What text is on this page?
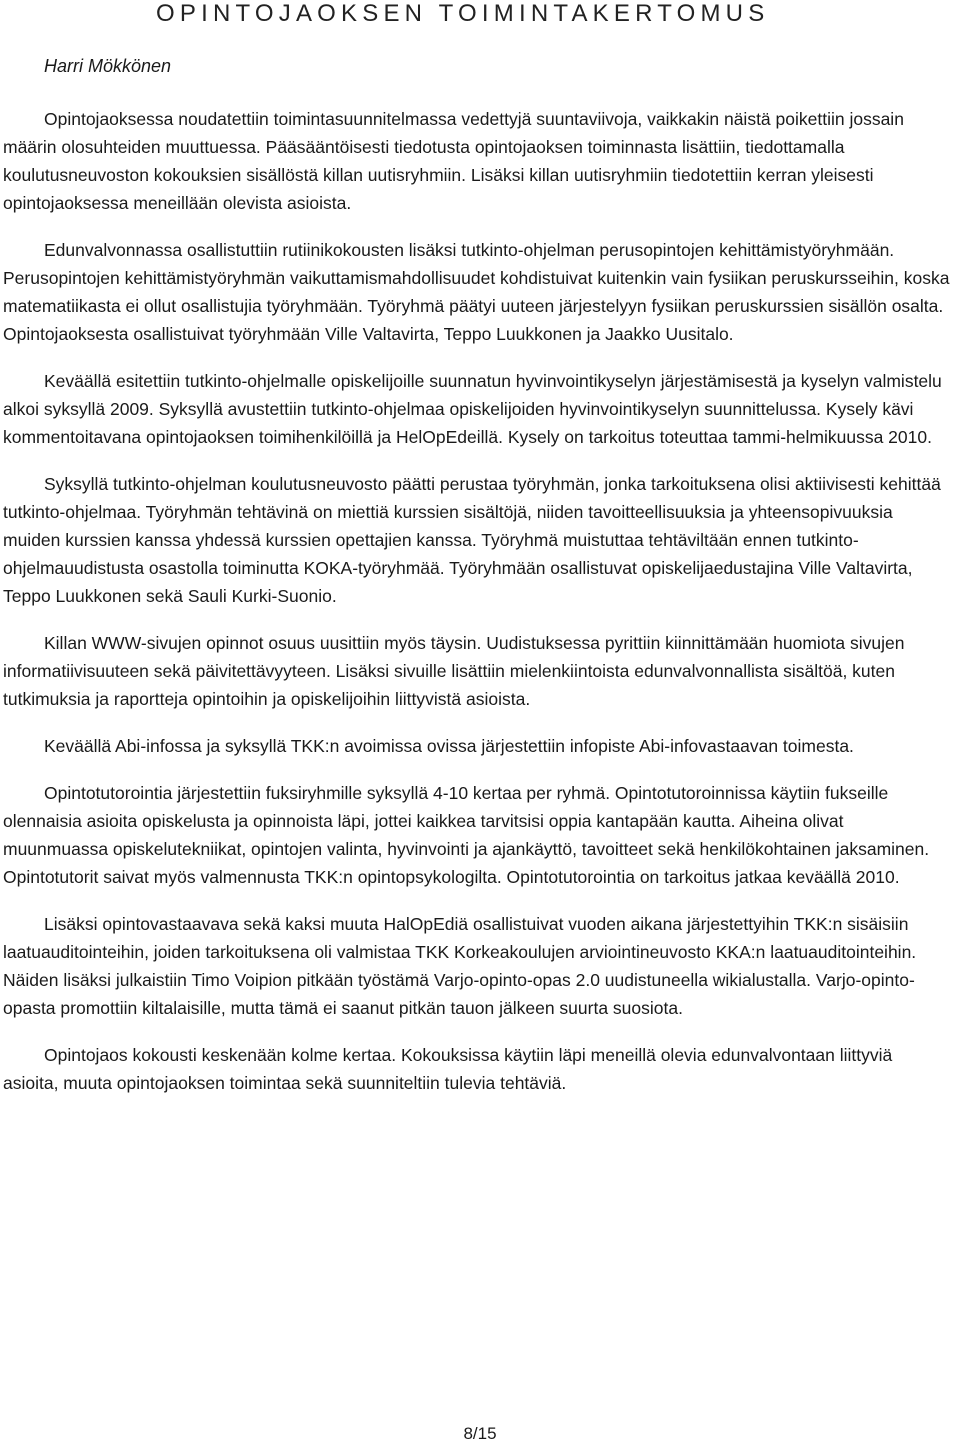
OPINTOJAOKSEN TOIMINTAKERTOMUS
Harri Mökkönen

Opintojaoksessa noudatettiin toimintasuunnitelmassa vedettyjä suuntaviivoja, vaikkakin näistä poikettiin jossain määrin olosuhteiden muuttuessa. Pääsääntöisesti tiedotusta opintojaoksen toiminnasta lisättiin, tiedottamalla koulutusneuvoston kokouksien sisällöstä killan uutisryhmiin. Lisäksi killan uutisryhmiin tiedotettiin kerran yleisesti opintojaoksessa meneillään olevista asioista.

Edunvalvonnassa osallistuttiin rutiinikokousten lisäksi tutkinto-ohjelman perusopintojen kehittämistyöryhmään. Perusopintojen kehittämistyöryhmän vaikuttamismahdollisuudet kohdistuivat kuitenkin vain fysiikan peruskursseihin, koska matematiikasta ei ollut osallistujia työryhmään. Työryhmä päätyi uuteen järjestelyyn fysiikan peruskurssien sisällön osalta. Opintojaoksesta osallistuivat työryhmään Ville Valtavirta, Teppo Luukkonen ja Jaakko Uusitalo.

Keväällä esitettiin tutkinto-ohjelmalle opiskelijoille suunnatun hyvinvointikyselyn järjestämisestä ja kyselyn valmistelu alkoi syksyllä 2009. Syksyllä avustettiin tutkinto-ohjelmaa opiskelijoiden hyvinvointikyselyn suunnittelussa. Kysely kävi kommentoitavana opintojaoksen toimihenkilöillä ja HelOpEdeillä. Kysely on tarkoitus toteuttaa tammi-helmikuussa 2010.

Syksyllä tutkinto-ohjelman koulutusneuvosto päätti perustaa työryhmän, jonka tarkoituksena olisi aktiivisesti kehittää tutkinto-ohjelmaa. Työryhmän tehtävinä on miettiä kurssien sisältöjä, niiden tavoitteellisuuksia ja yhteensopivuuksia muiden kurssien kanssa yhdessä kurssien opettajien kanssa. Työryhmä muistuttaa tehtäviltään ennen tutkinto-ohjelmauudistusta osastolla toiminutta KOKA-työryhmää. Työryhmään osallistuvat opiskelijaedustajina Ville Valtavirta, Teppo Luukkonen sekä Sauli Kurki-Suonio.

Killan WWW-sivujen opinnot osuus uusittiin myös täysin. Uudistuksessa pyrittiin kiinnittämään huomiota sivujen informatiivisuuteen sekä päivitettävyyteen. Lisäksi sivuille lisättiin mielenkiintoista edunvalvonnallista sisältöä, kuten tutkimuksia ja raportteja opintoihin ja opiskelijoihin liittyvistä asioista.

Keväällä Abi-infossa ja syksyllä TKK:n avoimissa ovissa järjestettiin infopiste Abi-infovastaavan toimesta.

Opintotutorointia järjestettiin fuksiryhmille syksyllä 4-10 kertaa per ryhmä. Opintotutoroinnissa käytiin fukseille olennaisia asioita opiskelusta ja opinnoista läpi, jottei kaikkea tarvitsisi oppia kantapään kautta. Aiheina olivat muunmuassa opiskelutekniikat, opintojen valinta, hyvinvointi ja ajankäyttö, tavoitteet sekä henkilökohtainen jaksaminen. Opintotutorit saivat myös valmennusta TKK:n opintopsykologilta. Opintotutorointia on tarkoitus jatkaa keväällä 2010.

Lisäksi opintovastaavava sekä kaksi muuta HalOpEdiä osallistuivat vuoden aikana järjestettyihin TKK:n sisäisiin laatuauditointeihin, joiden tarkoituksena oli valmistaa TKK Korkeakoulujen arviointineuvosto KKA:n laatuauditointeihin. Näiden lisäksi julkaistiin Timo Voipion pitkään työstämä Varjo-opinto-opas 2.0 uudistuneella wikialustalla. Varjo-opinto-opasta promottiin kiltalaisille, mutta tämä ei saanut pitkän tauon jälkeen suurta suosiota.

Opintojaos kokousti keskenään kolme kertaa. Kokouksissa käytiin läpi meneillä olevia edunvalvontaan liittyviä asioita, muuta opintojaoksen toimintaa sekä suunniteltiin tulevia tehtäviä.

8/15
